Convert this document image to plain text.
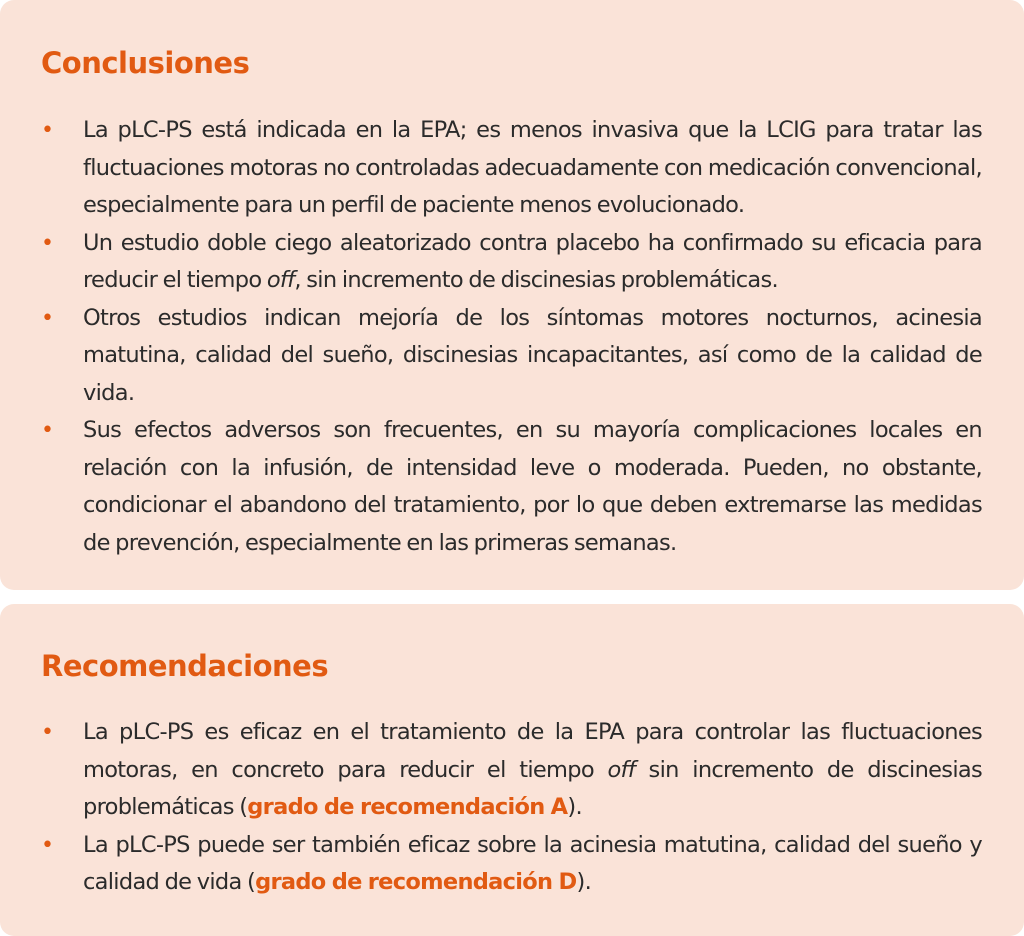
Conclusiones
• La pLC-PS está indicada en la EPA; es menos invasiva que la LCIG para tratar las fluctuaciones motoras no controladas adecuadamente con medicación convencional, especialmente para un perfil de paciente menos evolucionado.
• Un estudio doble ciego aleatorizado contra placebo ha confirmado su eficacia para reducir el tiempo off, sin incremento de discinesias problemáticas.
• Otros estudios indican mejoría de los síntomas motores nocturnos, acinesia matutina, calidad del sueño, discinesias incapacitantes, así como de la calidad de vida.
• Sus efectos adversos son frecuentes, en su mayoría complicaciones locales en relación con la infusión, de intensidad leve o moderada. Pueden, no obstante, condicionar el abandono del tratamiento, por lo que deben extremarse las medidas de prevención, especialmente en las primeras semanas.
Recomendaciones
• La pLC-PS es eficaz en el tratamiento de la EPA para controlar las fluctuaciones motoras, en concreto para reducir el tiempo off sin incremento de discinesias problemáticas (grado de recomendación A).
• La pLC-PS puede ser también eficaz sobre la acinesia matutina, calidad del sueño y calidad de vida (grado de recomendación D).
